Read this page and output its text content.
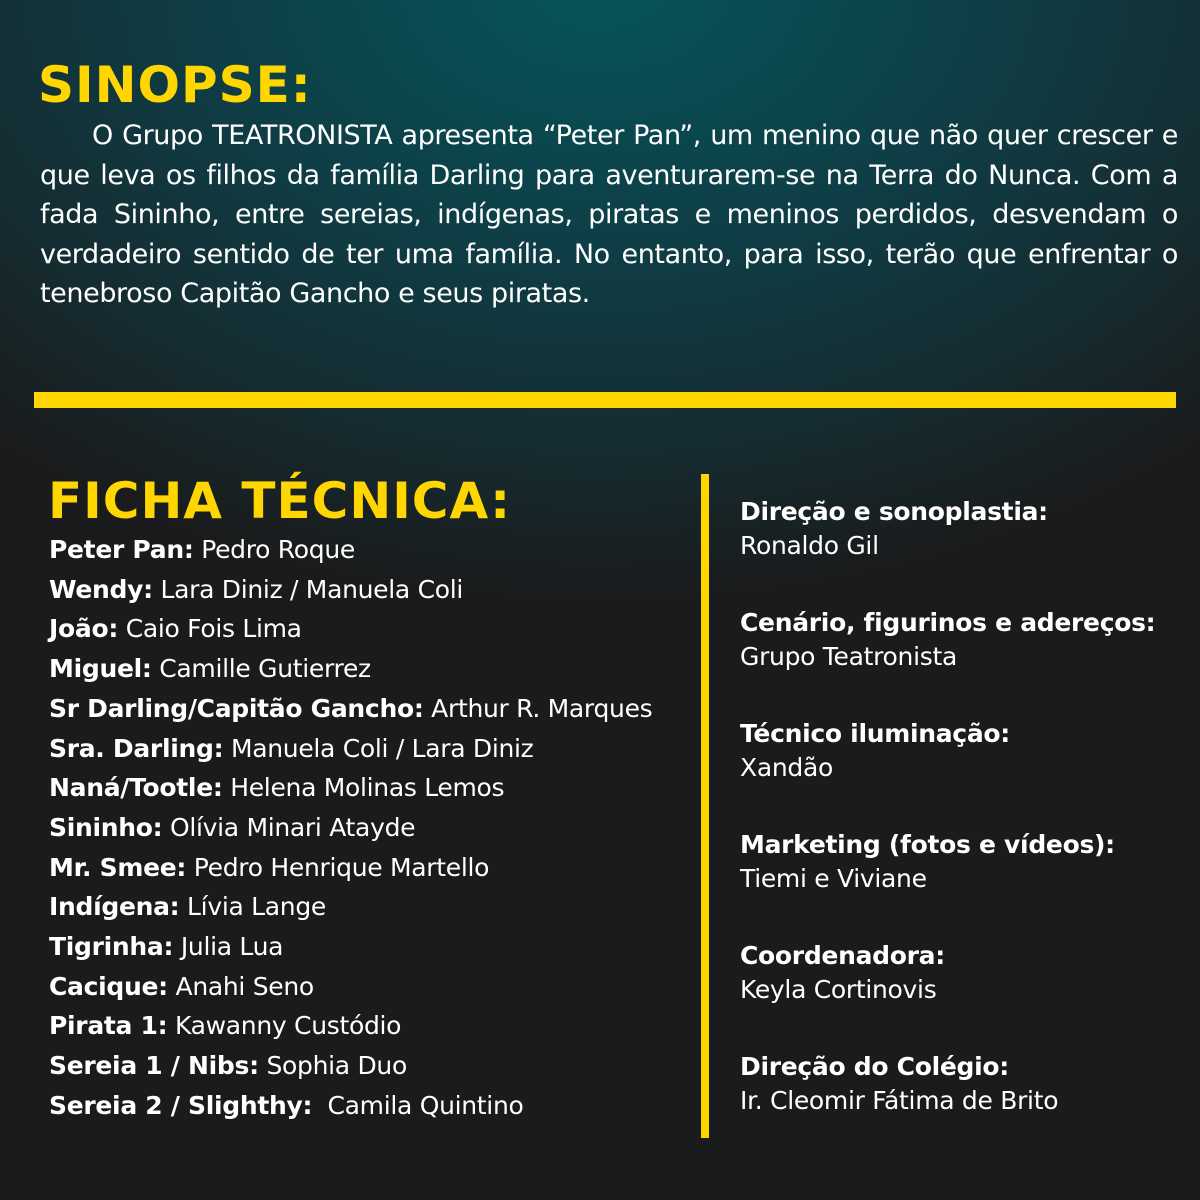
SINOPSE:

O Grupo TEATRONISTA apresenta “Peter Pan”, um menino que não quer crescer e que leva os filhos da família Darling para aventurarem-se na Terra do Nunca. Com a fada Sininho, entre sereias, indígenas, piratas e meninos perdidos, desvendam o verdadeiro sentido de ter uma família. No entanto, para isso, terão que enfrentar o tenebroso Capitão Gancho e seus piratas.

FICHA TÉCNICA:
Peter Pan: Pedro Roque
Wendy: Lara Diniz / Manuela Coli
João: Caio Fois Lima
Miguel: Camille Gutierrez
Sr Darling/Capitão Gancho: Arthur R. Marques
Sra. Darling: Manuela Coli / Lara Diniz
Naná/Tootle: Helena Molinas Lemos
Sininho: Olívia Minari Atayde
Mr. Smee: Pedro Henrique Martello
Indígena: Lívia Lange
Tigrinha: Julia Lua
Cacique: Anahi Seno
Pirata 1: Kawanny Custódio
Sereia 1 / Nibs: Sophia Duo
Sereia 2 / Slighthy:  Camila Quintino
Direção e sonoplastia:
Ronaldo Gil
Cenário, figurinos e adereços:
Grupo Teatronista
Técnico iluminação:
Xandão
Marketing (fotos e vídeos):
Tiemi e Viviane
Coordenadora:
Keyla Cortinovis
Direção do Colégio:
Ir. Cleomir Fátima de Brito
